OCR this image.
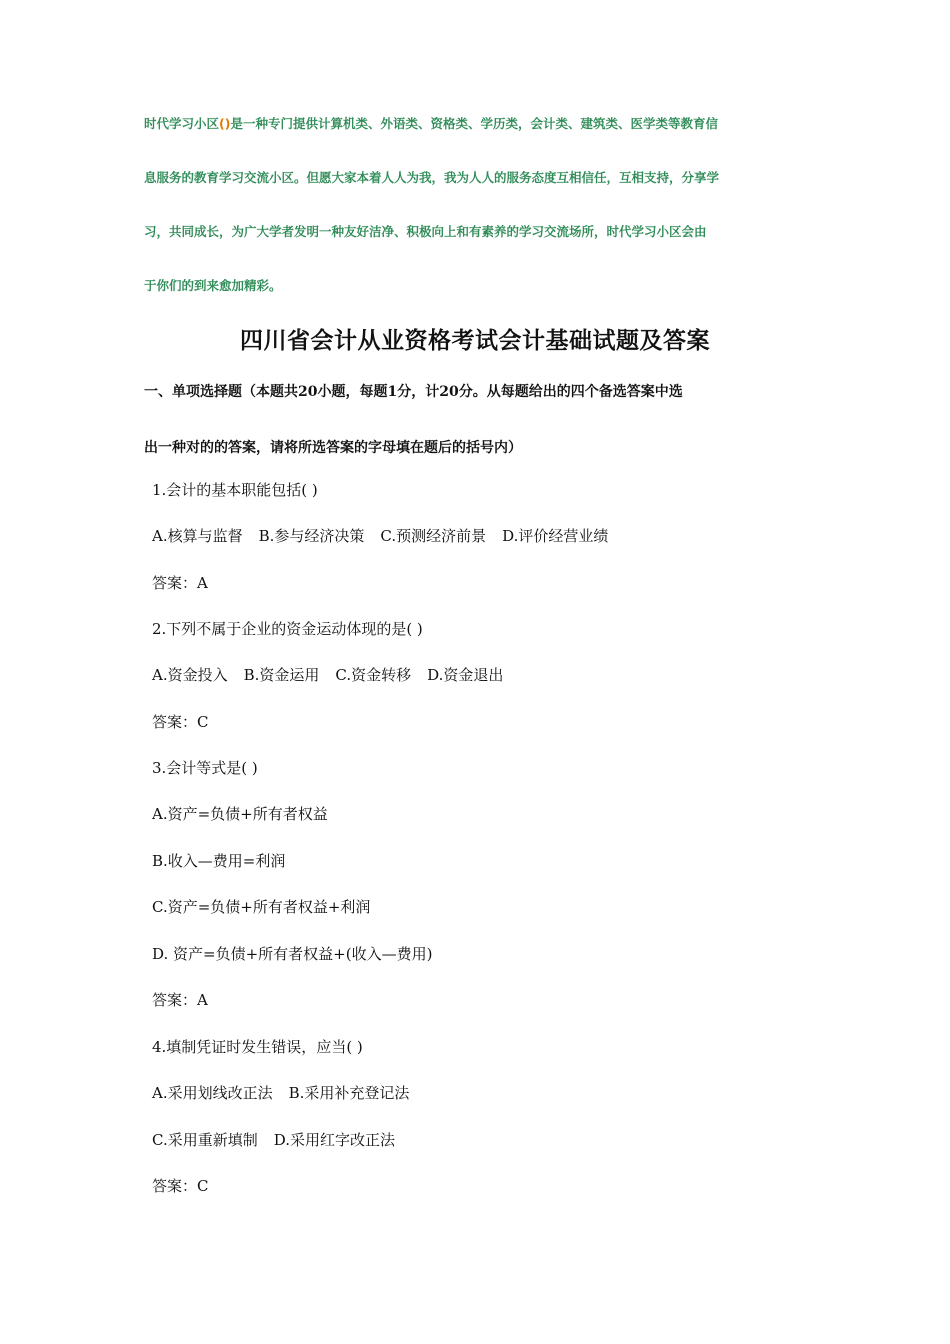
时代学习小区()是一种专门提供计算机类、外语类、资格类、学历类，会计类、建筑类、医学类等教育信
息服务的教育学习交流小区。但愿大家本着人人为我，我为人人的服务态度互相信任，互相支持，分享学
习，共同成长，为广大学者发明一种友好洁净、积极向上和有素养的学习交流场所，时代学习小区会由
于你们的到来愈加精彩。
四川省会计从业资格考试会计基础试题及答案
一、单项选择题（本题共20小题，每题1分，计20分。从每题给出的四个备选答案中选
出一种对的的答案，请将所选答案的字母填在题后的括号内）
1.会计的基本职能包括( )
A.核算与监督 B.参与经济决策 C.预测经济前景 D.评价经营业绩
答案：A
2.下列不属于企业的资金运动体现的是( )
A.资金投入 B.资金运用 C.资金转移 D.资金退出
答案：C
3.会计等式是( )
A.资产=负债+所有者权益
B.收入—费用=利润
C.资产=负债+所有者权益+利润
D. 资产=负债+所有者权益+(收入—费用)
答案：A
4.填制凭证时发生错误，应当( )
A.采用划线改正法 B.采用补充登记法
C.采用重新填制 D.采用红字改正法
答案：C
